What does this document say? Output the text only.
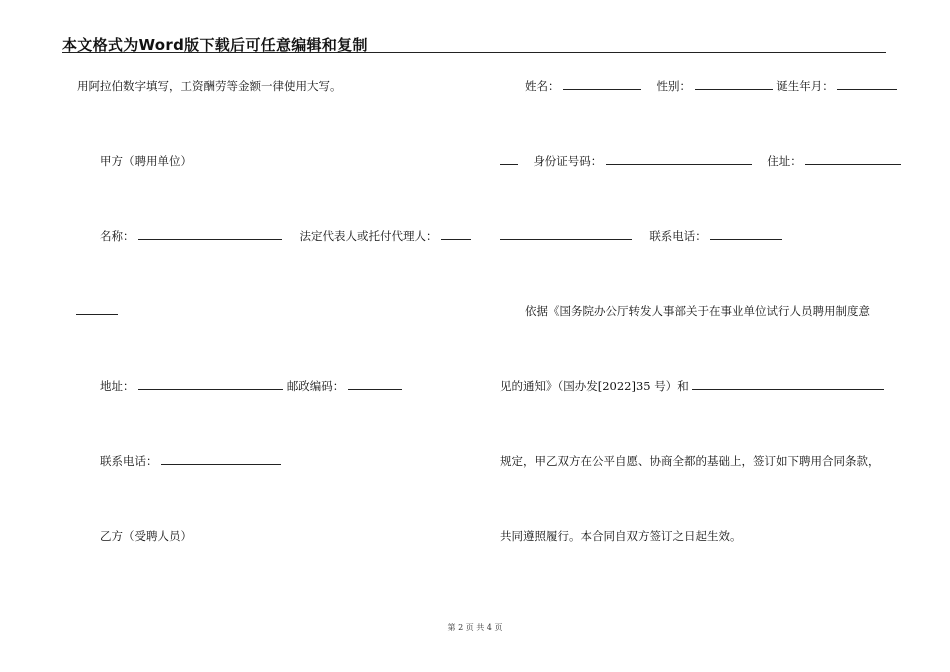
本文格式为Word版下载后可任意编辑和复制
用阿拉伯数字填写，工资酬劳等金额一律使用大写。
甲方（聘用单位）
名称：	法定代表人或托付代理人：
地址：	邮政编码：
联系电话：
乙方（受聘人员）
姓名：	性别：	诞生年月：
身份证号码：	住址：
联系电话：
依据《国务院办公厅转发人事部关于在事业单位试行人员聘用制度意
见的通知》（国办发[2022]35 号）和
规定，甲乙双方在公平自愿、协商全都的基础上，签订如下聘用合同条款，
共同遵照履行。本合同自双方签订之日起生效。
第 2 页 共 4 页
